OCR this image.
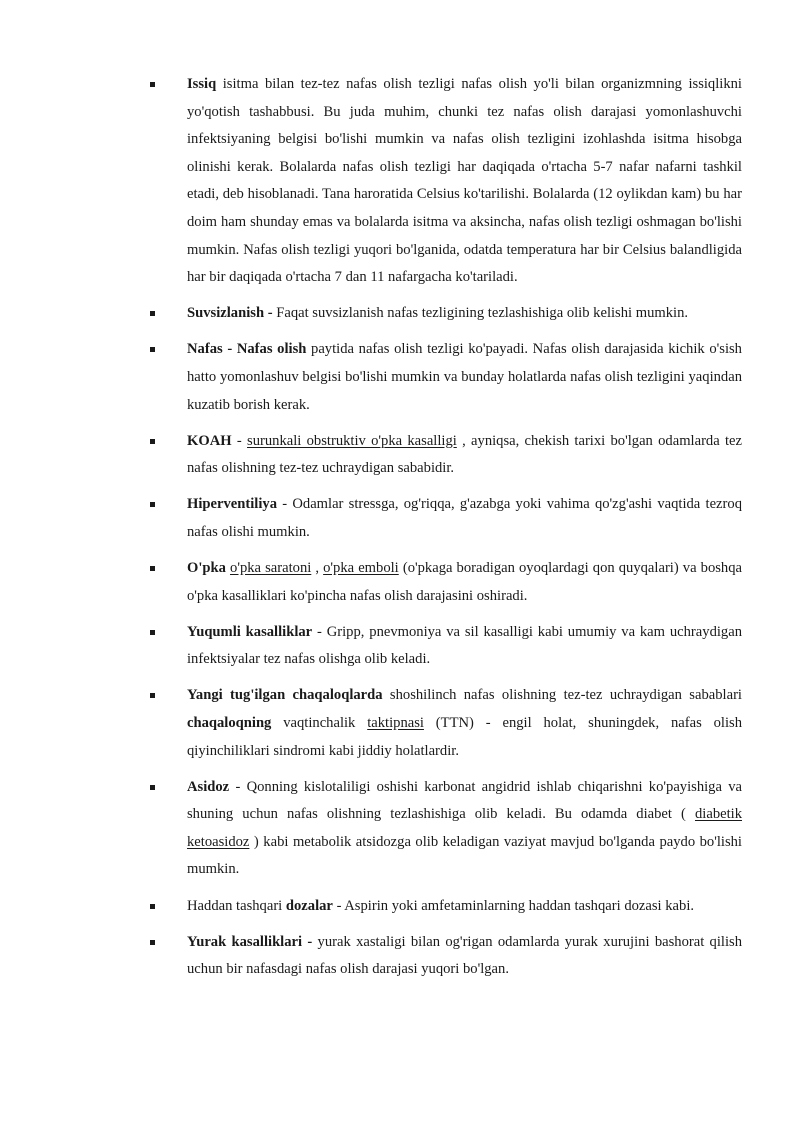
Issiq isitma bilan tez-tez nafas olish tezligi nafas olish yo'li bilan organizmning issiqlikni yo'qotish tashabbusi. Bu juda muhim, chunki tez nafas olish darajasi yomonlashuvchi infektsiyaning belgisi bo'lishi mumkin va nafas olish tezligini izohlashda isitma hisobga olinishi kerak. Bolalarda nafas olish tezligi har daqiqada o'rtacha 5-7 nafar nafarni tashkil etadi, deb hisoblanadi. Tana haroratida Celsius ko'tarilishi. Bolalarda (12 oylikdan kam) bu har doim ham shunday emas va bolalarda isitma va aksincha, nafas olish tezligi oshmagan bo'lishi mumkin. Nafas olish tezligi yuqori bo'lganida, odatda temperatura har bir Celsius balandligida har bir daqiqada o'rtacha 7 dan 11 nafargacha ko'tariladi.
Suvsizlanish - Faqat suvsizlanish nafas tezligining tezlashishiga olib kelishi mumkin.
Nafas - Nafas olish paytida nafas olish tezligi ko'payadi. Nafas olish darajasida kichik o'sish hatto yomonlashuv belgisi bo'lishi mumkin va bunday holatlarda nafas olish tezligini yaqindan kuzatib borish kerak.
KOAH - surunkali obstruktiv o'pka kasalligi , ayniqsa, chekish tarixi bo'lgan odamlarda tez nafas olishning tez-tez uchraydigan sababidir.
Hiperventiliya - Odamlar stressga, og'riqqa, g'azabga yoki vahima qo'zg'ashi vaqtida tezroq nafas olishi mumkin.
O'pka o'pka saratoni , o'pka emboli (o'pkaga boradigan oyoqlardagi qon quyqalari) va boshqa o'pka kasalliklari ko'pincha nafas olish darajasini oshiradi.
Yuqumli kasalliklar - Gripp, pnevmoniya va sil kasalligi kabi umumiy va kam uchraydigan infektsiyalar tez nafas olishga olib keladi.
Yangi tug'ilgan chaqaloqlarda shoshilinch nafas olishning tez-tez uchraydigan sabablari chaqaloqning vaqtinchalik taktipnasi (TTN) - engil holat, shuningdek, nafas olish qiyinchiliklari sindromi kabi jiddiy holatlardir.
Asidoz - Qonning kislotaliligi oshishi karbonat angidrid ishlab chiqarishni ko'payishiga va shuning uchun nafas olishning tezlashishiga olib keladi. Bu odamda diabet ( diabetik ketoasidoz ) kabi metabolik atsidozga olib keladigan vaziyat mavjud bo'lganda paydo bo'lishi mumkin.
Haddan tashqari dozalar - Aspirin yoki amfetaminlarning haddan tashqari dozasi kabi.
Yurak kasalliklari - yurak xastaligi bilan og'rigan odamlarda yurak xurujini bashorat qilish uchun bir nafasdagi nafas olish darajasi yuqori bo'lgan.
